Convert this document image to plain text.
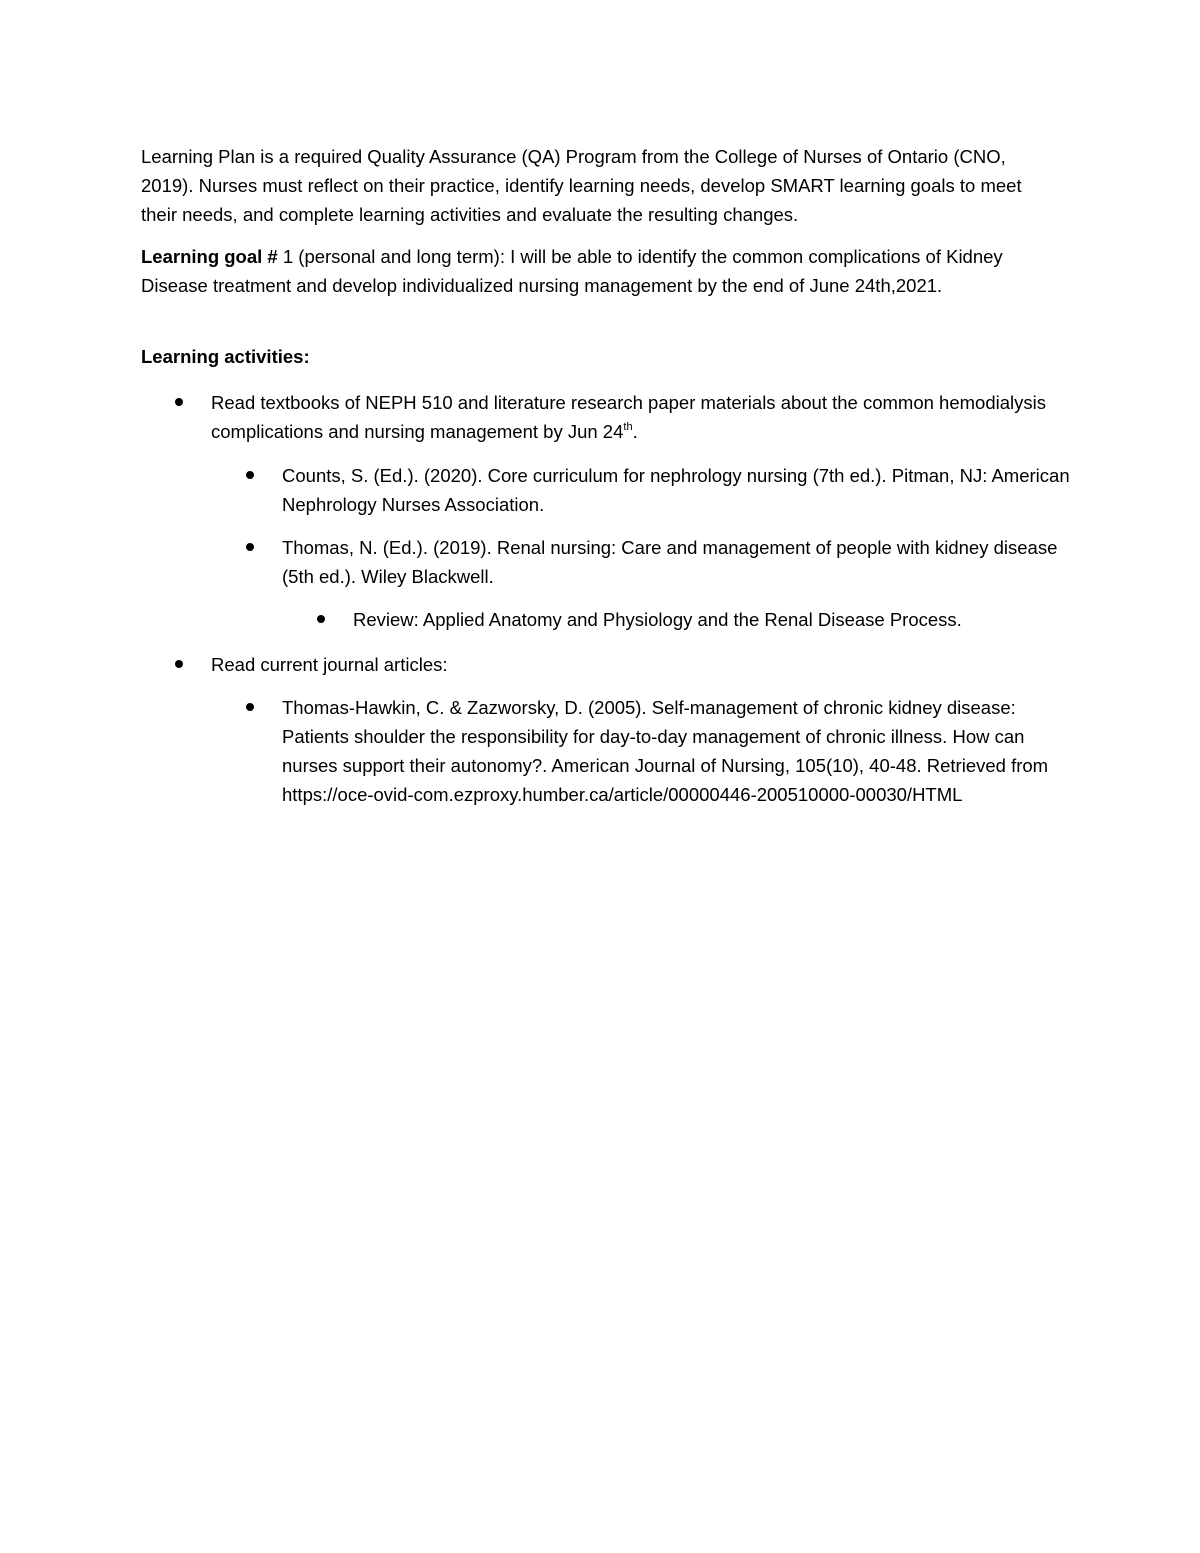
Learning Plan is a required Quality Assurance (QA) Program from the College of Nurses of Ontario (CNO, 2019). Nurses must reflect on their practice, identify learning needs, develop SMART learning goals to meet their needs, and complete learning activities and evaluate the resulting changes.

Learning goal # 1 (personal and long term): I will be able to identify the common complications of Kidney Disease treatment and develop individualized nursing management by the end of June 24th,2021.

Learning activities:

Read textbooks of NEPH 510 and literature research paper materials about the common hemodialysis complications and nursing management by Jun 24th.
Counts, S. (Ed.). (2020). Core curriculum for nephrology nursing (7th ed.). Pitman, NJ: American Nephrology Nurses Association.
Thomas, N. (Ed.). (2019). Renal nursing: Care and management of people with kidney disease (5th ed.). Wiley Blackwell.
Review: Applied Anatomy and Physiology and the Renal Disease Process.
Read current journal articles:
Thomas-Hawkin, C. & Zazworsky, D. (2005). Self-management of chronic kidney disease: Patients shoulder the responsibility for day-to-day management of chronic illness. How can nurses support their autonomy?. American Journal of Nursing, 105(10), 40-48. Retrieved from https://oce-ovid-com.ezproxy.humber.ca/article/00000446-200510000-00030/HTML
